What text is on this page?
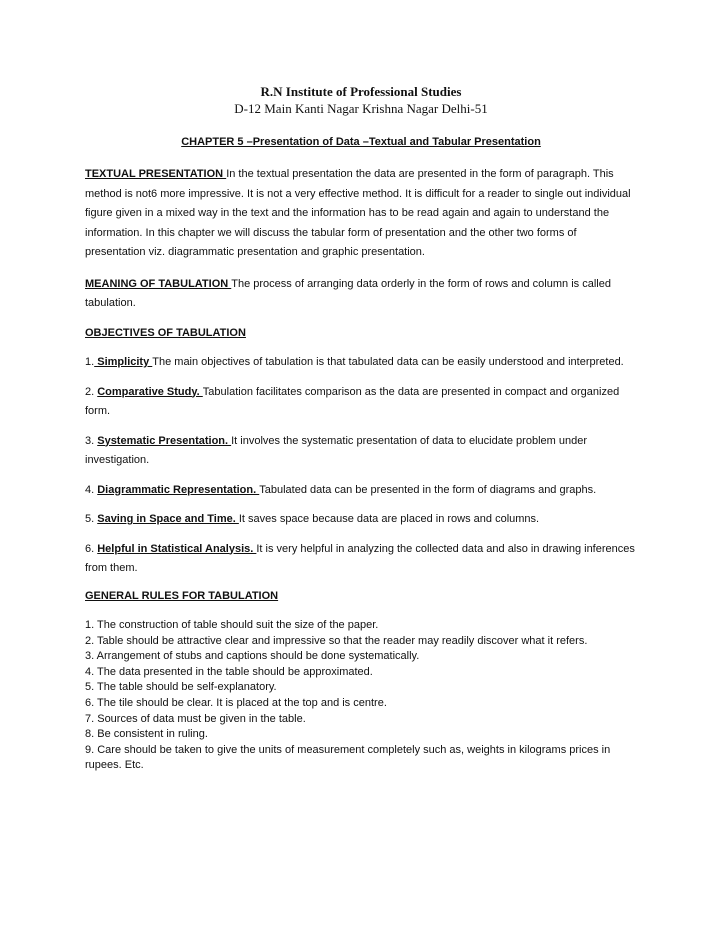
R.N Institute of Professional Studies
D-12 Main Kanti Nagar Krishna Nagar Delhi-51
CHAPTER 5 –Presentation of Data –Textual and Tabular Presentation

TEXTUAL PRESENTATION In the textual presentation the data are presented in the form of paragraph. This method is not6 more impressive. It is not a very effective method. It is difficult for a reader to single out individual figure given in a mixed way in the text and the information has to be read again and again to understand the information. In this chapter we will discuss the tabular form of presentation and the other two forms of presentation viz. diagrammatic presentation and graphic presentation.

MEANING OF TABULATION The process of arranging data orderly in the form of rows and column is called tabulation.

OBJECTIVES OF TABULATION

1. Simplicity The main objectives of tabulation is that tabulated data can be easily understood and interpreted.

2. Comparative Study. Tabulation facilitates comparison as the data are presented in compact and organized form.

3. Systematic Presentation. It involves the systematic presentation of data to elucidate problem under investigation.

4. Diagrammatic Representation. Tabulated data can be presented in the form of diagrams and graphs.

5. Saving in Space and Time. It saves space because data are placed in rows and columns.

6. Helpful in Statistical Analysis. It is very helpful in analyzing the collected data and also in drawing inferences from them.

GENERAL RULES FOR TABULATION
1. The construction of table should suit the size of the paper.
2. Table should be attractive clear and impressive so that the reader may readily discover what it refers.
3. Arrangement of stubs and captions should be done systematically.
4. The data presented in the table should be approximated.
5. The table should be self-explanatory.
6. The tile should be clear. It is placed at the top and is centre.
7. Sources of data must be given in the table.
8. Be consistent in ruling.
9. Care should be taken to give the units of measurement completely such as, weights in kilograms prices in rupees. Etc.
